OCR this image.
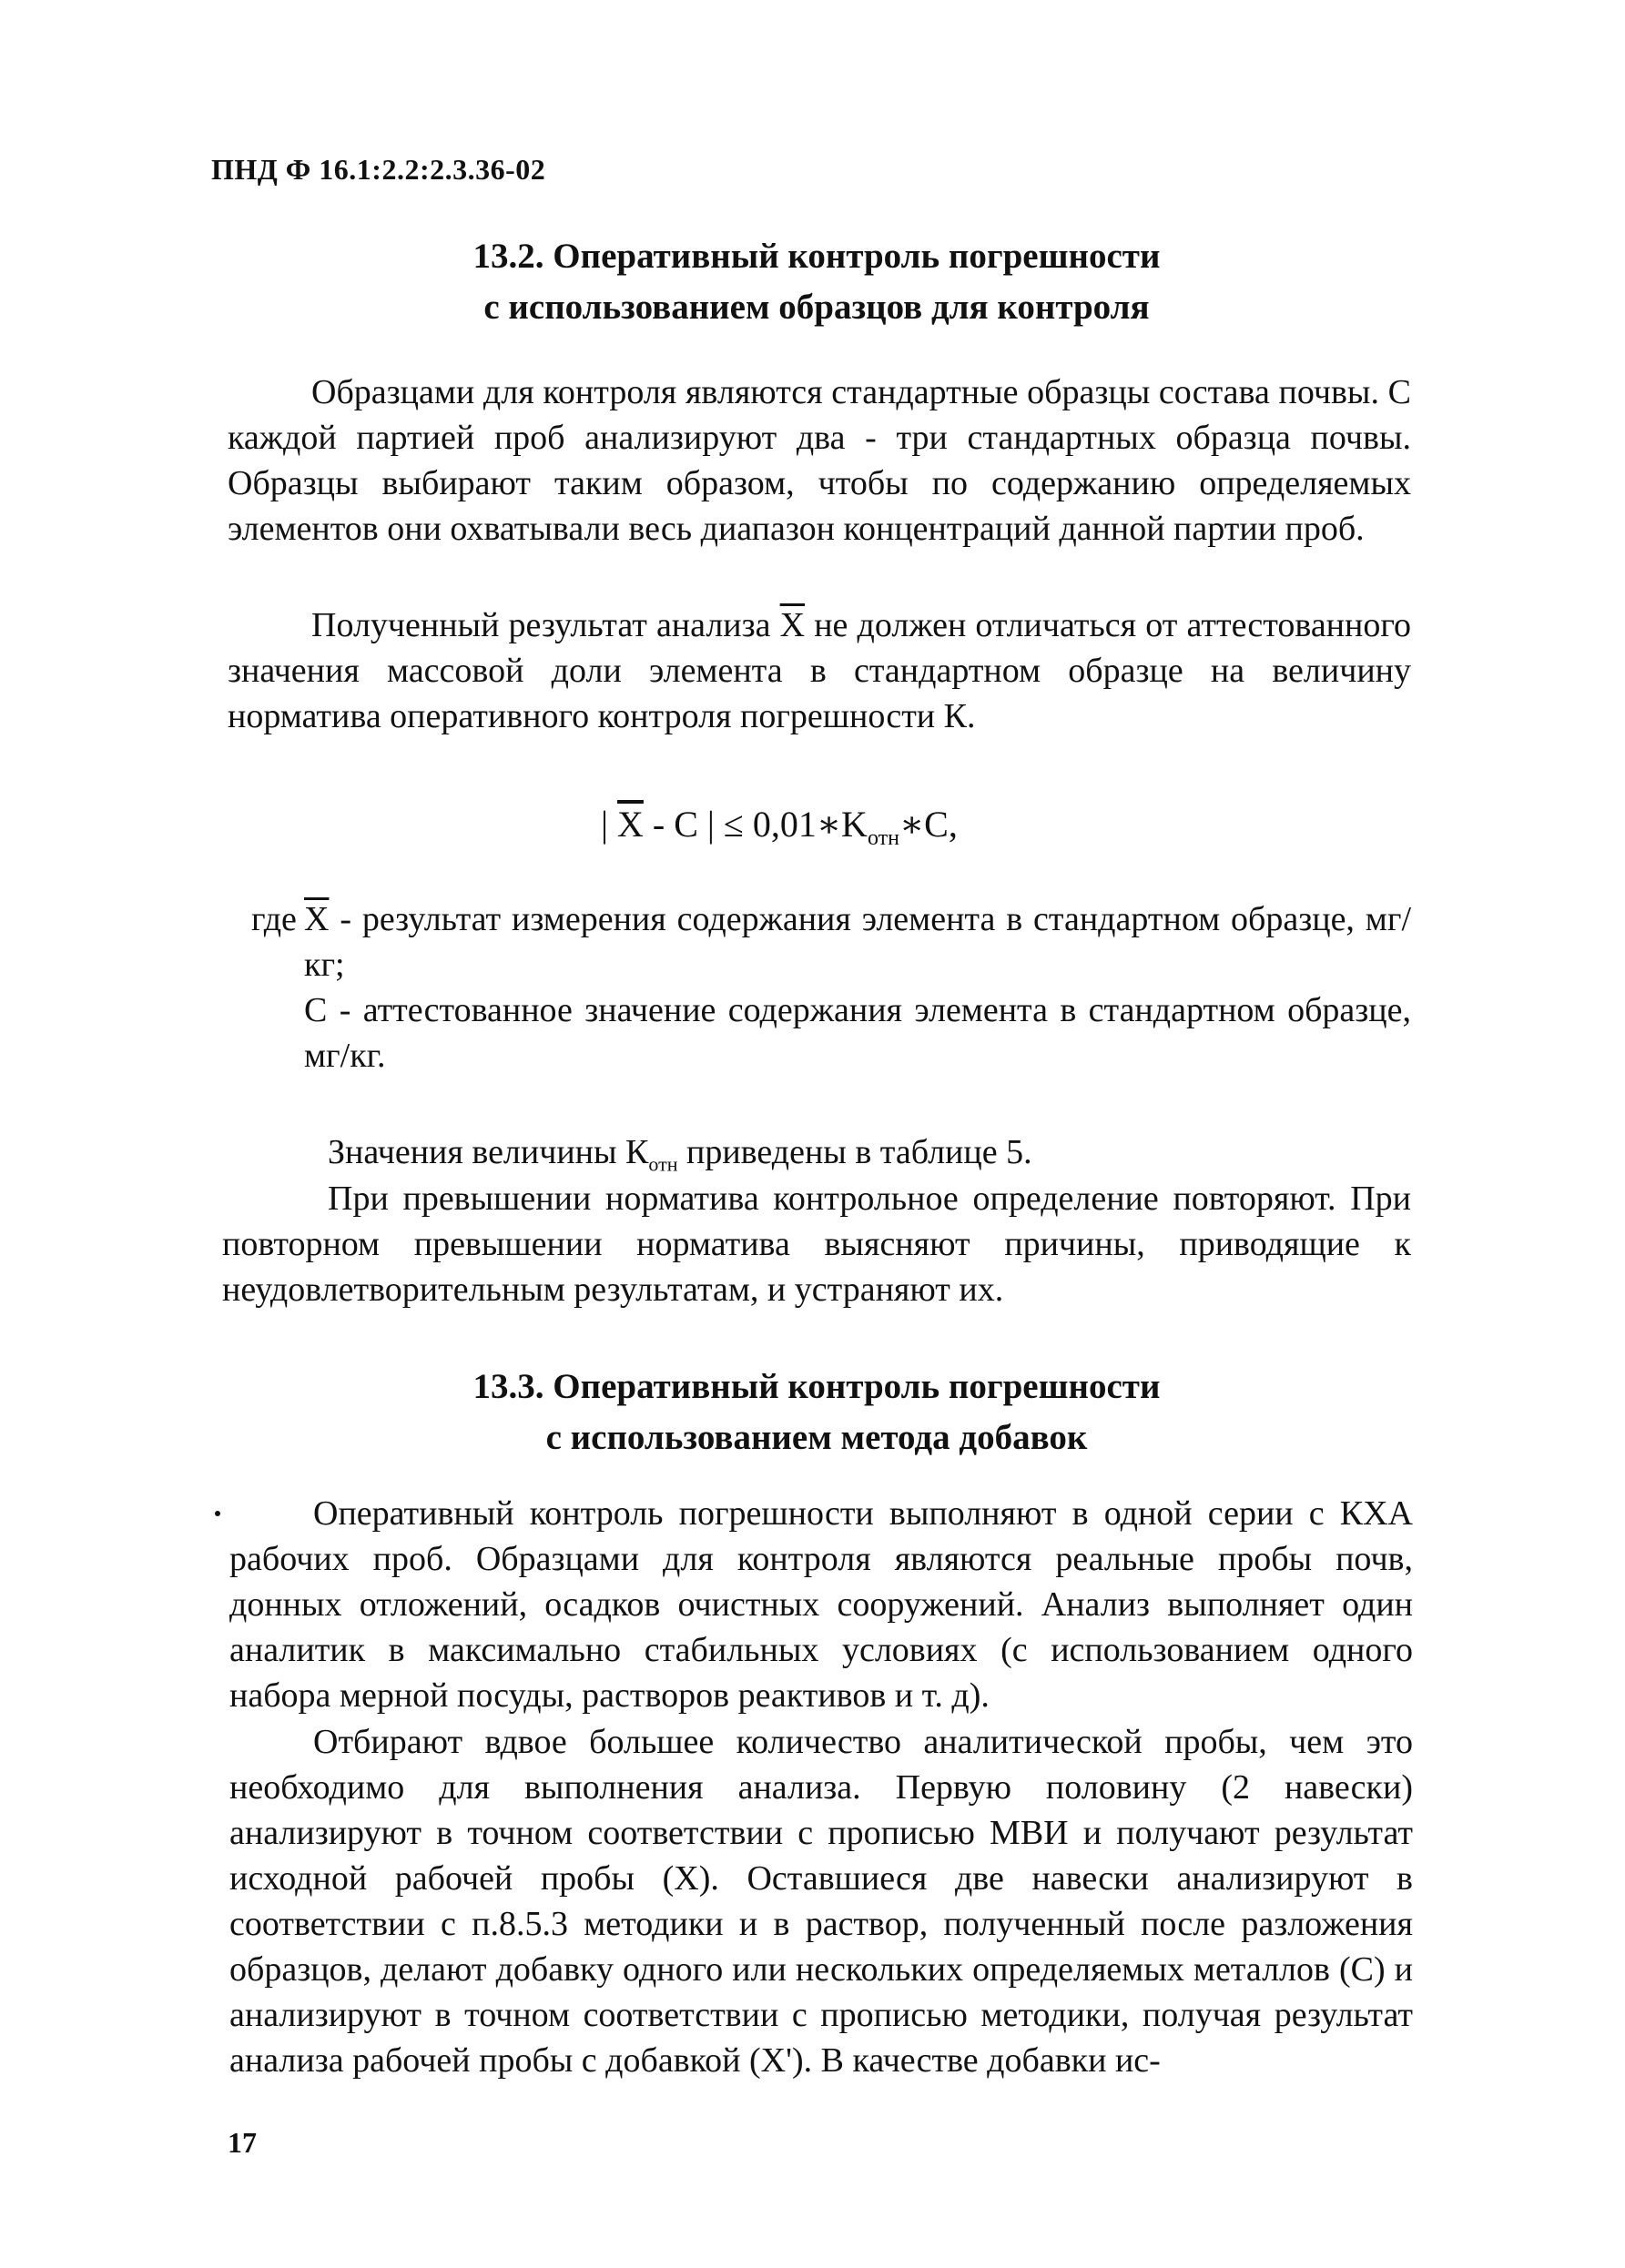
ПНД Ф 16.1:2.2:2.3.36-02
13.2. Оперативный контроль погрешности
с использованием образцов для контроля

Образцами для контроля являются стандартные образцы состава почвы. С каждой партией проб анализируют два - три стандартных образца почвы. Образцы выбирают таким образом, чтобы по содержанию определяемых элементов они охватывали весь диапазон концентраций данной партии проб.

Полученный результат анализа $\overline{X}$ не должен отличаться от аттестованного значения массовой доли элемента в стандартном образце на величину норматива оперативного контроля погрешности К.

| $\overline{X}$ - C | ≤ $0,01∗K_{отн}∗C$,
где $\overline{X}$ - результат измерения содержания элемента в стандартном образце, мг/кг;
С - аттестованное значение содержания элемента в стандартном образце, мг/кг.

Значения величины $К_{отн}$ приведены в таблице 5.

При превышении норматива контрольное определение повторяют. При повторном превышении норматива выясняют причины, приводящие к неудовлетворительным результатам, и устраняют их.

13.3. Оперативный контроль погрешности
с использованием метода добавок

Оперативный контроль погрешности выполняют в одной серии с КХА рабочих проб. Образцами для контроля являются реальные пробы почв, донных отложений, осадков очистных сооружений. Анализ выполняет один аналитик в максимально стабильных условиях (с использованием одного набора мерной посуды, растворов реактивов и т. д).

Отбирают вдвое большее количество аналитической пробы, чем это необходимо для выполнения анализа. Первую половину (2 навески) анализируют в точном соответствии с прописью МВИ и получают результат исходной рабочей пробы (X). Оставшиеся две навески анализируют в соответствии с п.8.5.3 методики и в раствор, полученный после разложения образцов, делают добавку одного или нескольких определяемых металлов (С) и анализируют в точном соответствии с прописью методики, получая результат анализа рабочей пробы с добавкой (X'). В качестве добавки ис-

17
